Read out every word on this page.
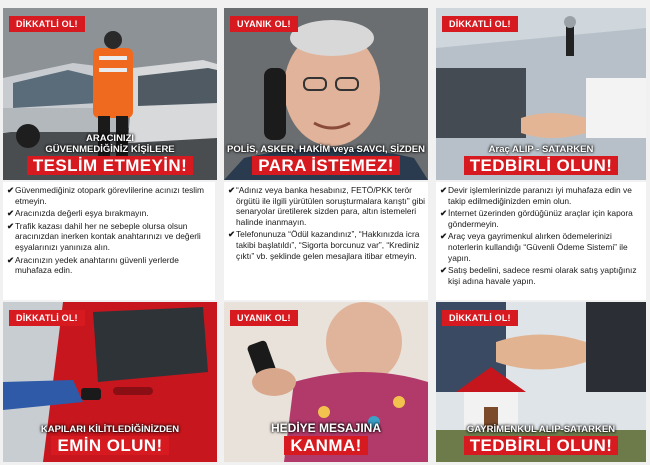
DİKKATLİ OL!
ARACINIZI
GÜVENMEDİĞİNİZ KİŞİLERE
TESLİM ETMEYİN!
UYANIK OL!
POLİS, ASKER, HAKİM veya SAVCI, SİZDEN
PARA İSTEMEZ!
DİKKATLİ OL!
Araç ALIP - SATARKEN
TEDBİRLİ OLUN!

✔ Güvenmediğiniz otopark görevlilerine acınızı teslim etmeyin.

✔ Aracınızda değerli eşya bırakmayın.

✔ Trafik kazası dahil her ne sebeple olursa olsun aracınızdan inerken kontak anahtarınızı ve değerli eşyalarınızı yanınıza alın.

✔ Aracınızın yedek anahtarını güvenli yerlerde muhafaza edin.

✔ “Adınız veya banka hesabınız, FETÖ/PKK terör örgütü ile ilgili yürütülen soruşturmalara karıştı” gibi senaryolar üretilerek sizden para, altın istemeleri halinde inanmayın.

✔ Telefonunuza “Ödül kazandınız”, “Hakkınızda icra takibi başlatıldı”, “Sigorta borcunuz var”, “Krediniz çıktı” vb. şeklinde gelen mesajlara itibar etmeyin.

✔ Devir işlemlerinizde paranızı iyi muhafaza edin ve takip edilmediğinizden emin olun.

✔ İnternet üzerinden gördüğünüz araçlar için kapora göndermeyin.

✔ Araç veya gayrimenkul alırken ödemelerinizi noterlerin kullandığı “Güvenli Ödeme Sistemi” ile yapın.

✔ Satış bedelini, sadece resmi olarak satış yaptığınız kişi adına havale yapın.

DİKKATLİ OL!
KAPILARI KİLİTLEDİĞİNİZDEN
EMİN OLUN!
UYANIK OL!
HEDİYE MESAJINA
KANMA!
DİKKATLİ OL!
GAYRİMENKUL ALIP-SATARKEN
TEDBİRLİ OLUN!
